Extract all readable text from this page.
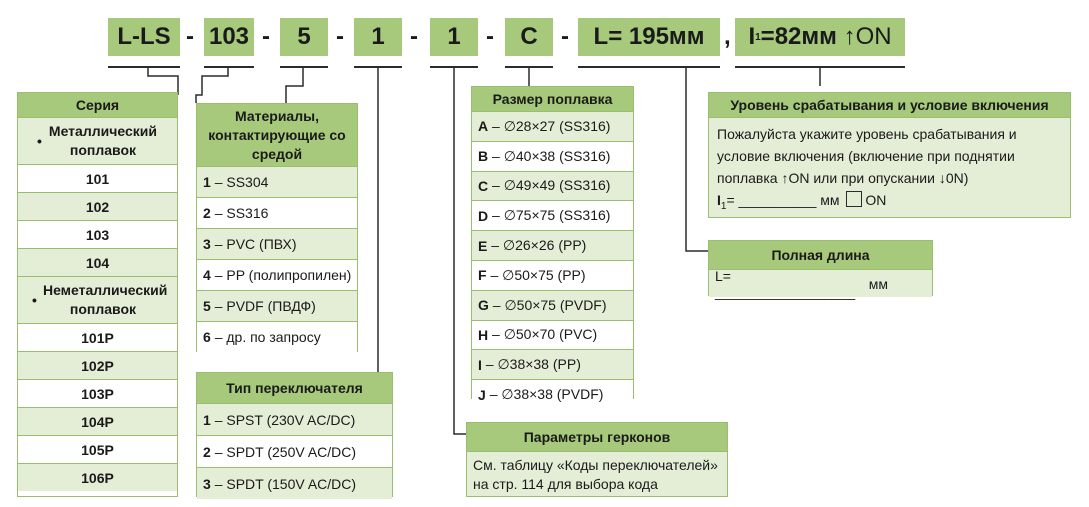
L-LS - 103 -	5	-	1	-	1	-	C -	L= 195мм , I 1 =82мм
↑ ON
Серия
• Металлический поплавок
101
102
103
104
• Неметаллический поплавок
101P
102P
103P
104P
105P
106P
Материалы, контактирующие со средой
1
– SS304
2
– SS316
3
– PVC (ПВХ)
4
– PP (полипропилен)
5
– PVDF (ПВДФ)
6
– др. по запросу
Тип переключателя
1
– SPST (230V AC/DC)
2
– SPDT (250V AC/DC)
3
– SPDT (150V AC/DC)
Размер поплавка
A
– ∅28×27 (SS316)
B
– ∅40×38 (SS316)
C
– ∅49×49 (SS316)
D
– ∅75×75 (SS316)
E
– ∅26×26 (PP)
F
– ∅50×75 (PP)
G
– ∅50×75 (PVDF)
H
– ∅50×70 (PVC)
I
– ∅38×38 (PP)
J
– ∅38×38 (PVDF)
Параметры герконов
См. таблицу «Коды переключателей»
на стр. 114 для выбора кода
Уровень срабатывания и условие включения
Пожалуйста укажите уровень срабатывания и
условие включения (включение при поднятии
поплавка ↑ON или при опускании ↓0N)
$I_1=$ __________ мм ON
Полная длина
L= __________________ мм
